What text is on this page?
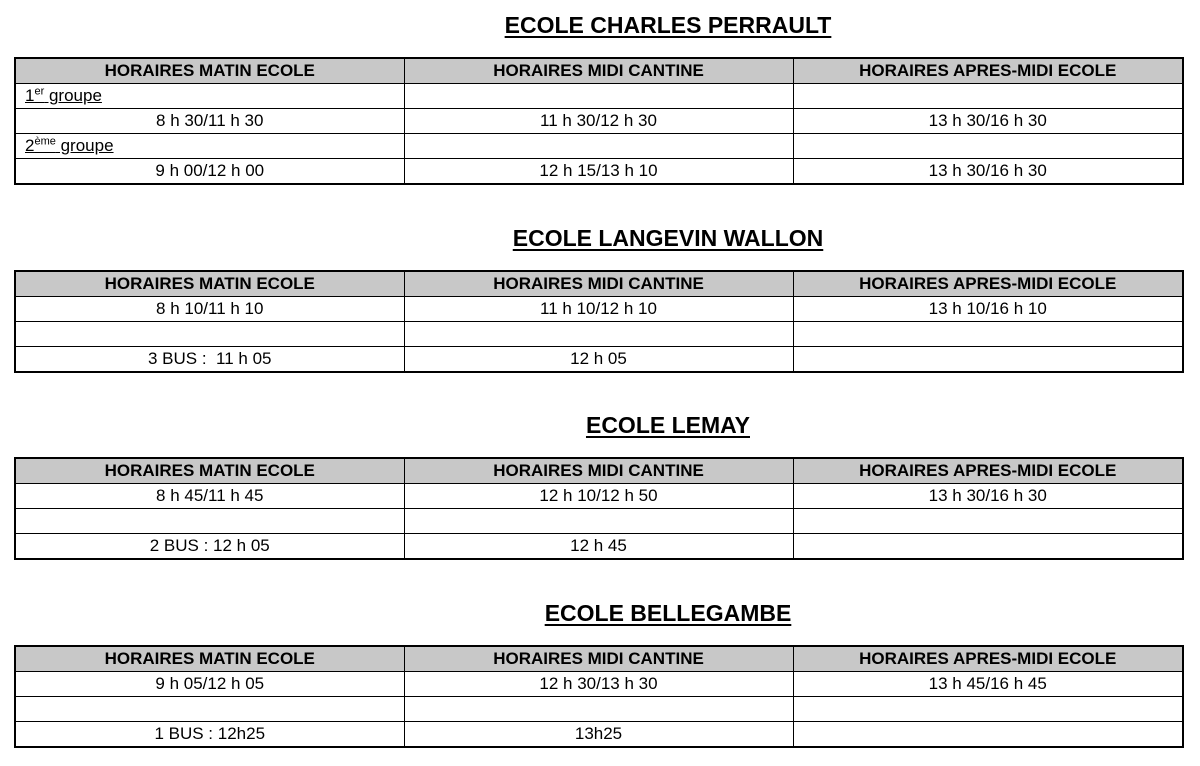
ECOLE CHARLES PERRAULT
HORAIRES MATIN ECOLE	HORAIRES MIDI CANTINE	HORAIRES APRES-MIDI ECOLE
1er groupe		
8 h 30/11 h 30	11 h 30/12 h 30	13 h 30/16 h 30
2ème groupe		
9 h 00/12 h 00	12 h 15/13 h 10	13 h 30/16 h 30
ECOLE LANGEVIN WALLON
HORAIRES MATIN ECOLE	HORAIRES MIDI CANTINE	HORAIRES APRES-MIDI ECOLE
8 h 10/11 h 10	11 h 10/12 h 10	13 h 10/16 h 10

3 BUS :  11 h 05	12 h 05	
ECOLE LEMAY
HORAIRES MATIN ECOLE	HORAIRES MIDI CANTINE	HORAIRES APRES-MIDI ECOLE
8 h 45/11 h 45	12 h 10/12 h 50	13 h 30/16 h 30

2 BUS : 12 h 05	12 h 45	
ECOLE BELLEGAMBE
HORAIRES MATIN ECOLE	HORAIRES MIDI CANTINE	HORAIRES APRES-MIDI ECOLE
9 h 05/12 h 05	12 h 30/13 h 30	13 h 45/16 h 45

1 BUS : 12h25	13h25	
